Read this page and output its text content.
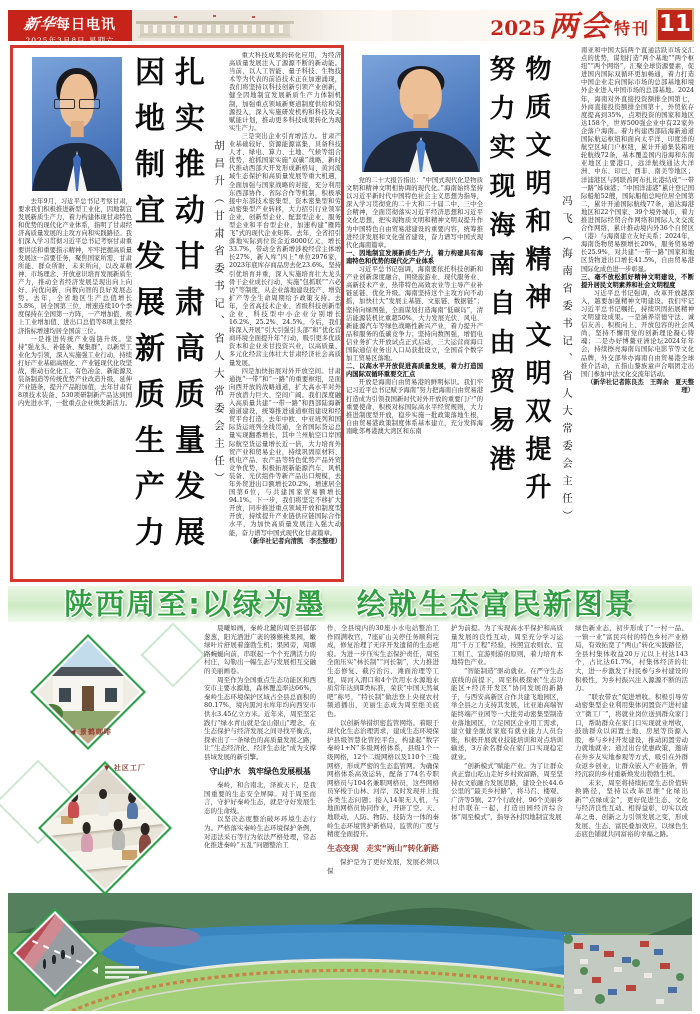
新华每日电讯
2025年3月8日 星期六
2025 两会 特刊 11

去年9月，习近平总书记考察甘肃，要求我们积极推进新型工业化，因地制宜发展新质生产力，着力构建体现甘肃特色和优势的现代化产业体系，指明了甘肃经济高质量发展的主攻方向和实践路径。我们深入学习贯彻习近平总书记考察甘肃重要讲话和重要指示精神，牢牢把握高质量发展这一首要任务，聚焦国家所需、甘肃所能、群众所盼、未来所向，以改革精神、市场理念、开放意识培育发展新质生产力，推动全省经济发展呈现出向上向好、向优向新、向数向智的良好发展态势。去年，全省地区生产总值增长5.8%，居全国第三位，增速连续10个季度保持在全国第一方阵，一产增加值、规上工业增加值、进出口总值等8项主要经济指标增速均居全国前三位。

一是推进传统产业强链升级。坚持“强龙头、补链条、聚集群”，以新型工业化为引领，深入实施强工业行动，持续打好产业基础高级化、产业链现代化攻坚战，推动石化化工、有色冶金、新能源及装备制造等传统优势产业改造升级，延伸产业链条，提升产品附加值，去年甘肃有8项技术装备、530项研制新产品达到国内先进水平，一批重点企业焕发新活力。

因地制宜发展新质生产力 扎实推动甘肃高质量发展 胡昌升（甘肃省委书记、省人大常委会主任）

重大科技成果的转化应用，为经济高质量发展注入了源源不断的新动能。当前，以人工智能、量子科技、生物技术等为代表的前沿技术正在加速涌现，我们将坚持以科技创新引领产业创新，健全因地制宜发展新质生产力体制机制，加强重点领域新赛道制度供给和资源投入，深入实施研发机构和科技攻关赋能计划，推动更多科技成果转化为现实生产力。

三是突出企业引育增活力。甘肃产业基础较好、资源能源富集，具备科技人才、绿电、算力、土地、气候等组合优势，抢抓国家实施“双碳”战略、新时代推动西部大开发形成新格局、黄河流域生态保护和高质量发展等重大机遇，全面加强与国家战略的对接，充分利用东西部协作、省际合作等机制，积极承接中东部技术密集型、资本密集型和劳动密集型产业转移，大力招引行业领军企业、创新型企业、配套型企业、服务型企业和平台型企业，加速构建“雁阵飞”式的现代企业矩阵。去年，全省招引落地实际到位资金近8000亿元，增长33.7%，带动全省新增涉税经营主体增长27%，新入库“四上”单位2976家，2023年底库存商品房去化23.6%。坚持引优培育并重，深入实施培育壮大龙头骨干企业成长行动，实施“包抓联”“六必访”等制度，从企业落地建设投产、增资扩产等全生命周期给予政策支持。去年，全省高技术企业、省级科技创新型企业、科技型中小企业分别增长16.2%、25.2%、24.5%。今后，我们将深入开展“引大引强引头部”和“优化营商环境全面提升年”行动，吸引更多优质资本和企业来甘投资兴业，以高质量、多元化经营主体壮大甘肃经济社会高质量发展。

四是加快拓展对外开放空间。甘肃通扼“一带”和“一路”的重要枢纽，是面向西开放的战略通道，扩大高水平对外开放潜力巨大、空间广阔。我们深度融入高质量共建“一带一路”和西部陆海新通道建设，统筹推进通道枢纽建设和经贸平台打造，去年中欧、中亚班列和国际货运班列全线贯通，全省国际货运总量实现翻番增长，其中兰州航空口岸国际航空货运量增长近一倍，大力培育外贸产业和贸易企业，持续巩固原材料、机电产品、农产品等特色优势产品外贸竞争优势，积极拓展新能源汽车、风机装备、光伏组件等新产品出口规模，去年外贸进出口额增长20.2%，增速居全国第6位，与共建国家贸易额增长94.1%。下一步，我们将坚定不移扩大开放，同步推进重点领域开放和制度型开放，持续提升产业链供应链国际合作水平，为加快高质量发展注入强大动能，奋力谱写中国式现代化甘肃篇章。

（新华社记者向清凯　李杰整理）

党的二十大报告指出：“中国式现代化是物质文明和精神文明相协调的现代化。”海南始终坚持以习近平新时代中国特色社会主义思想为指导，深入学习贯彻党的二十大和二十届二中、三中全会精神，全面贯彻落实习近平经济思想和习近平文化思想，把实现物质文明和精神文明双提升作为中国特色自由贸易港建设的重要内容，统筹推进经济发展和文化强省建设，奋力谱写中国式现代化海南篇章。

一、因地制宜发展新质生产力，着力构建具有海南特色和优势的现代化产业体系

习近平总书记强调，海南要依托科技创新和产业创新深度融合，围绕旅游业、现代服务业、高新技术产业、热带特色高效农业等主导产业补链延链、优化升级。海南坚持这个主攻方向不动摇，加快壮大“发展主基链、文旅链、数据链”；坚持向绿图强，全面谋划打造海南“低碳岛”，清洁能源装机比重超50%，大力发展光伏、风电、新能源汽车等绿色战略性新兴产业，着力提升产品和服务的低碳竞争力；坚持向数图强，增值电信业务扩大开放试点正式启动，三大运营商海口国际通信业务出入口局获批设立，全国首个数字加工贸易区落地。

二、以高水平开放促进高质量发展，着力打造国内国际双循环重要交汇点

开放是海南自由贸易港的鲜明标识。我们牢记习近平总书记赋予海南“努力把海南自由贸易港打造成为引领我国新时代对外开放的重要门户”的重要使命，积极对标国际高水平经贸规则，大力推进制度型开放，稳步实施一批政策落地生根，自由贸易港政策制度体系基本建立，充分发挥海南毗邻粤港澳大湾区和东南	努力实现海南自由贸易港 物质文明和精神文明双提升 冯飞（海南省委书记、省人大常委会主任）

南亚和中国大陆两个直通活跃市场交汇点的优势，谋划打造“两个基地”“两个枢纽”“两个网络”，汇聚全球资源要素，促进国内国际双循环更加畅通，着力打造中国企业走向国际市场的总部基地和境外企业进入中国市场的总部基地。2024年，海南对外直接投资额排全国第七，外商直接投资额排全国第十，外贸依存度提高到35%，点项投资的国家和地区达158个，世界500强企业中有22家外企落户海南。着力构建西部陆海新通道国际航运枢纽和面向太平洋、印度洋的航空区域门户枢纽，累计开通集装箱班轮航线72条，基本覆盖国内沿海和东南亚地区主要港口，远洋航线通达大洋洲、中东、印巴、西非、南美等地区；洋浦港区与阿联酋阿布扎比港结成“一带一路”姊妹港；“中国洋浦港”累计登记国际船舶52艘，国际船舶总吨位居全国第二，累计开通国际航线77条，通达海港地区和22个国家、39个境外城市，着力推进国际经贸合作网络和国际人文交流合作网络，累计推动境内外36个自贸区（港）与海南建立友好关系；2024年，海南货物贸易额增长20%，服务贸易增长25.9%，对共建“一带一路”国家和地区货物进出口增长41.5%，自由贸易港国际化成色进一步彰显。

三、毫不放松抓好精神文明建设，不断提升居民文明素养和社会文明程度

习近平总书记强调，改革开放越深入，越要加强精神文明建设。我们牢记习近平总书记嘱托，持续巩固拓展精神文明建设成果。一是涵养崇德守法、诚信友善、积极向上、开放包容的社会风尚，坚持不懈用党的创新理论凝心铸魂；二是办好博鳌亚洲论坛2024年年会，持续擦亮海南岛国际电影节等文化品牌，外交部举办海南自由贸易港全球推介活动，五指山黎族童声合唱团走出国门参加中法文化交流年活动。

（新华社记者陈良杰　王晖余　夏天整理）

陕西周至:以绿为墨　绘就生态富民新图景

晨曦如画，秦岭北麓的周至县郁郁葱葱，阳光洒进广袤的猕猴桃果园，嫩绿叶片舒展着蓬勃生机；果园旁，周塬路蜿蜒向前，串联起一个个充满活力的村庄，勾勒出一幅生态与发展相互交融的美丽画卷。

周至作为全国重点生态功能区和西安市主要水源地，森林覆盖率达66%，秦岭生态环境保护区域占全县总面积的80.17%，境内黑河水库年均向西安市供水3.45亿立方米。近年来，周至坚定践行“绿水青山就是金山银山”理念，在生态保护与经济发展之间寻找平衡点，探索出了一条绿色的高质量发展之路，让“生态经济化、经济生态化”成为支撑县域发展的新引擎。

守山护水　筑牢绿色发展根基

秦岭，和合南北，泽被天下，是我国重要的生态安全屏障。对于周至而言，守护好秦岭生态，就是守好发展生态的生命线。

以坚决态度整治破坏环境生态行为。严格落实秦岭生态环境保护条例，对违法采石等行为依法严格处理，常态化推进秦岭“五乱”问题整治工

作，全县境内的30座小水电站整治工作圆满收官，7座矿山关停任务顺利完成，修复治理了无序开发遗留的生态疤痕。为进一步压实生态保护责任，周至全面压实“林长制”“河长制”，大力推进生态修复、截污治污、滩面治理等工程，周河入渭口和4个饮用水水源地水质常年达到Ⅱ类标准，荣获“中国天然氧吧”称号，“特长制”做法登上央视农村频道播出，美丽生态成为周至绝美底色。

以创新举措织密监管网络。着眼于现代化生态治理需求，建成生态环境保护县级智慧化管控平台，构建起“数字秦岭1+N”多级网格体系，县级1个一级网格，12个二级网格以及110个三级网格，形成严密的生态监管网。为确保网格体系高效运转，配备了74名专职网格员与104名兼职网格员，这些网格员穿梭于山林、河岸，及时发现并上报各类生态问题；接入14架无人机，与地面网格员协同作业，开辟了空、天、地联动，人防、物防、技防为一体的秦岭生态环境管护新格局，监管的广度与精度全面提升。

生态变现　走实“两山”转化新路

保护是为了更好发展，发展必须以保

护为前提。为了实现高水平保护和高质量发展的良性互动，周至充分学习运用“千万工程”经验，按照宜农则农、宜工则工、宜游则游的原则，着力培育本地特色产业。

“智能制造”驱动就业。在严守生态底线的前提下，周至积极探索“生态功能区+经济开发区”协同发展的新路子，与西安高新区合作共建飞地园区，举全县之力支持其发展，比亚迪高端智能终端产业园等一大批劳动密集型制造业落地园区，立足园区企业用工需求，建立健全脱贫家庭有就业能力人员台账，积极开展就业技能培训和对点培训输送，3万余名群众在家门口实现稳定就业。

“创新模式”赋能产业。为了让群众真正靠山吃山走好乡村致富路，周至坚持农文旅融合发展思路，建设全长44.6公里的“最美乡村路”，将马召、楼观、广济等5镇、27个行政村、96个美丽乡村串联在一起，打造田园经济综合体“周至模式”，指导各村因地制宜发展

绿色新业态，初步形成了“一村一品、一镇一业”富民兴村的特色乡村产业格局，有效拓宽了“两山”转化实践路径，全县村集体收益20万元以上村达143个，占比达61.7%，村集体经济的壮大，进一步激发了村民参与乡村建设的积极性，为乡村振兴注入源源不断的活力。

“联农带农”促进增收。积极引导劳动密集型企业利用集体闲置资产进村建立“微工厂”，将就业岗位送到群众家门口，帮助群众在家门口实现就业增收，鼓励群众以闲置土地、房屋等资源入股，参与乡村开发建设，推动闲置劳动力就地就业；通过出台优惠政策，邀请在外乡友实地参观等方式，吸引在外群众返乡创业，让群众嵌入产业链条，曾经沉寂的乡村重新焕发出勃勃生机。

未来，周至将持续拓宽生态价值转换路径，坚持以改革思维“化绿出新”“点绿成金”，更好促进生态、文化与经济良性互动、相得益彰，切实以改革之勇、创新之力引领发展之变，形成发展、生态、富民叠加效应，以绿色生态底色铺就共同富裕的幸福之路。

◀ 景鹤咖啡
▼ 社区工厂
